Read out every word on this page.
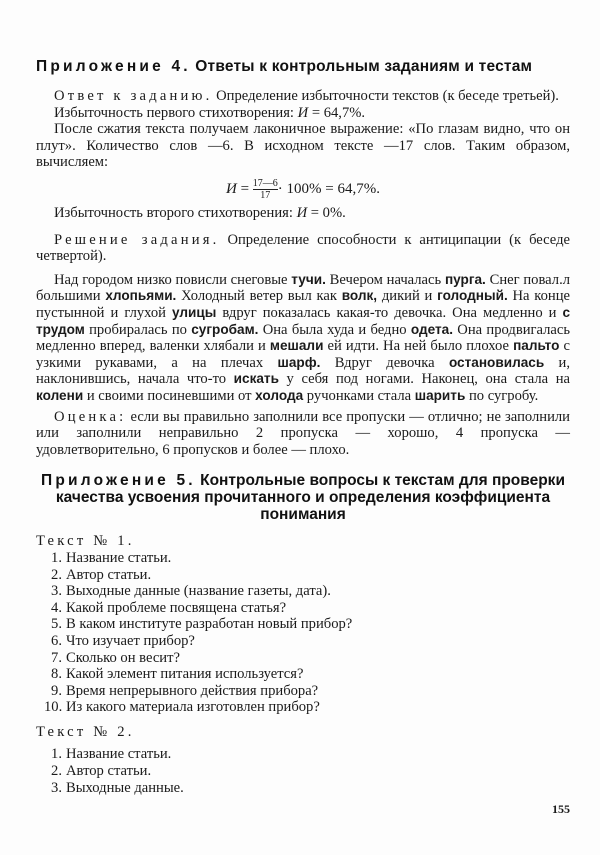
Приложение 4. Ответы к контрольным заданиям и тестам

Ответ к заданию. Определение избыточности текстов (к беседе третьей).

Избыточность первого стихотворения: И = 64,7%.

После сжатия текста получаем лаконичное выражение: «По глазам видно, что он плут». Количество слов —6. В исходном тексте —17 слов. Таким образом, вычисляем:

$И = \frac{17—6}{17} \cdot 100\% = 64,7\%$.

Избыточность второго стихотворения: И = 0%.

Решение задания. Определение способности к антиципации (к беседе четвертой).

Над городом низко повисли снеговые тучи. Вечером началась пурга. Снег повал.л большими хлопьями. Холодный ветер выл как волк, дикий и голодный. На конце пустынной и глухой улицы вдруг показалась какая-то девочка. Она медленно и с трудом пробиралась по сугробам. Она была худа и бедно одета. Она продвигалась медленно вперед, валенки хлябали и мешали ей идти. На ней было плохое пальто с узкими рукавами, а на плечах шарф. Вдруг девочка остановилась и, наклонившись, начала что-то искать у себя под ногами. Наконец, она стала на колени и своими посиневшими от холода ручонками стала шарить по сугробу.

Оценка: если вы правильно заполнили все пропуски — отлично; не заполнили или заполнили неправильно 2 пропуска — хорошо, 4 пропуска — удовлетворительно, 6 пропусков и более — плохо.

Приложение 5. Контрольные вопросы к текстам для проверки качества усвоения прочитанного и определения коэффициента понимания
Текст № 1.
1. Название статьи.
2. Автор статьи.
3. Выходные данные (название газеты, дата).
4. Какой проблеме посвящена статья?
5. В каком институте разработан новый прибор?
6. Что изучает прибор?
7. Сколько он весит?
8. Какой элемент питания используется?
9. Время непрерывного действия прибора?
10. Из какого материала изготовлен прибор?
Текст № 2.
1. Название статьи.
2. Автор статьи.
3. Выходные данные.
155
